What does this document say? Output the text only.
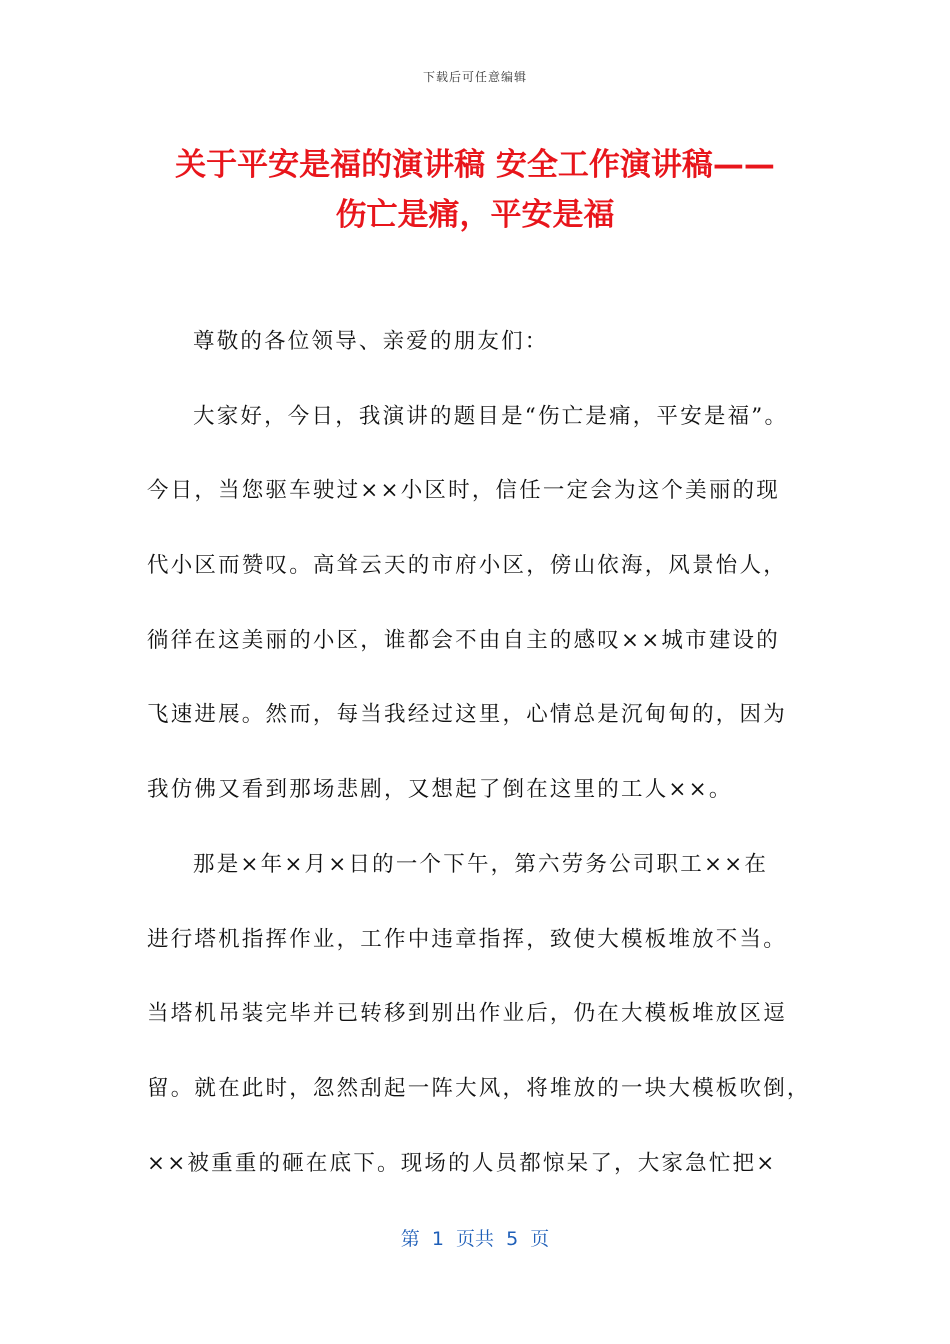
下载后可任意编辑
关于平安是福的演讲稿 安全工作演讲稿——
伤亡是痛，平安是福
尊敬的各位领导、亲爱的朋友们：
大家好，今日，我演讲的题目是“伤亡是痛，平安是福”。
今日，当您驱车驶过××小区时，信任一定会为这个美丽的现
代小区而赞叹。高耸云天的市府小区，傍山依海，风景怡人，
徜徉在这美丽的小区，谁都会不由自主的感叹××城市建设的
飞速进展。然而，每当我经过这里，心情总是沉甸甸的，因为
我仿佛又看到那场悲剧，又想起了倒在这里的工人××。
那是×年×月×日的一个下午，第六劳务公司职工××在
进行塔机指挥作业，工作中违章指挥，致使大模板堆放不当。
当塔机吊装完毕并已转移到别出作业后，仍在大模板堆放区逗
留。就在此时，忽然刮起一阵大风，将堆放的一块大模板吹倒，
××被重重的砸在底下。现场的人员都惊呆了，大家急忙把×
第  1  页共  5  页
